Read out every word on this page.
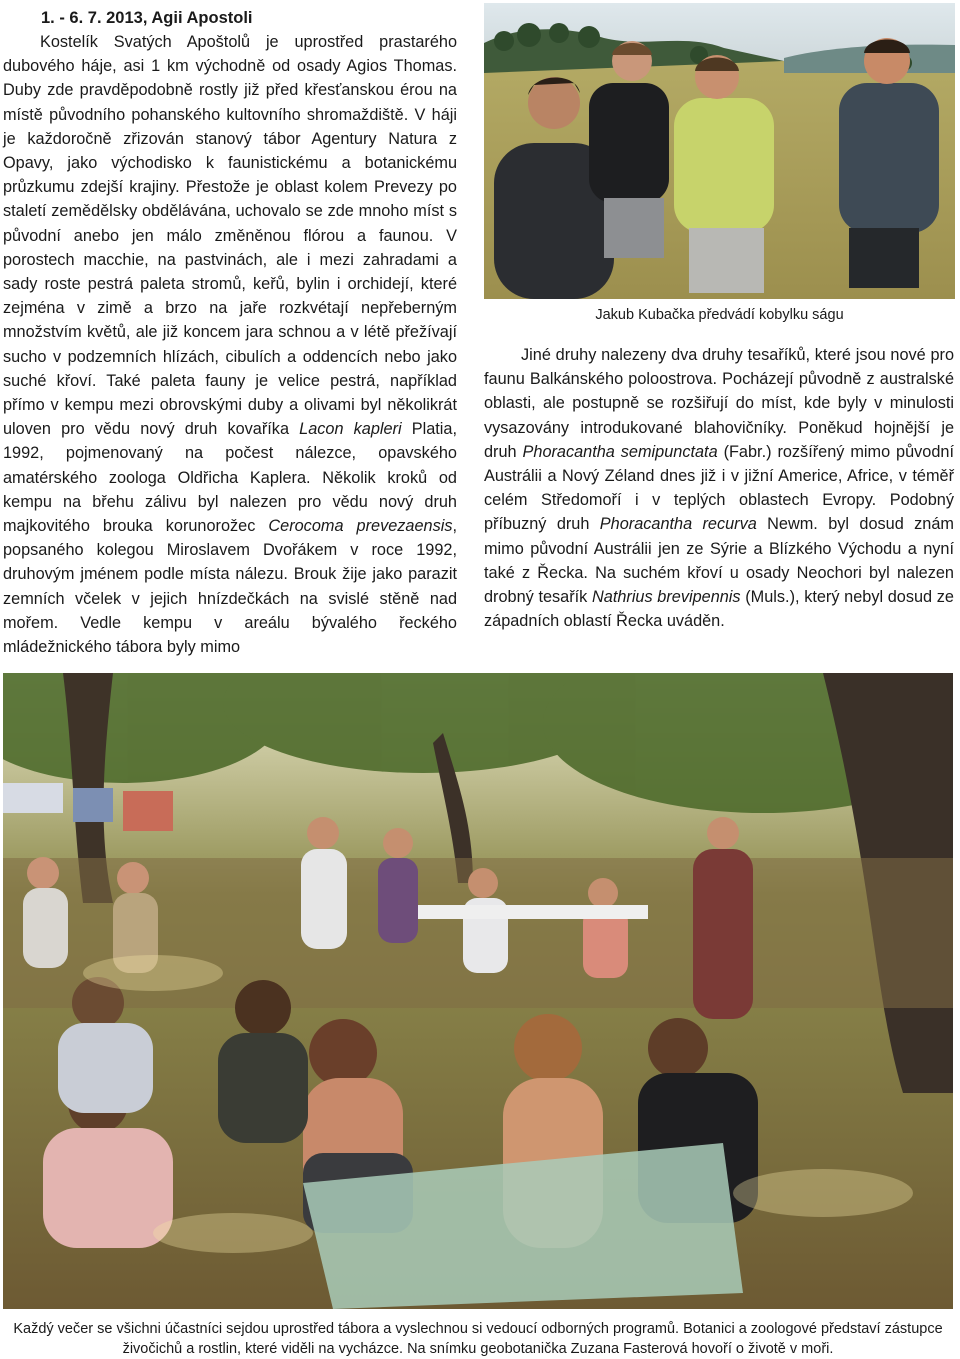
1. - 6. 7. 2013, Agii Apostoli

Kostelík Svatých Apoštolů je uprostřed prastarého dubového háje, asi 1 km východně od osady Agios Thomas. Duby zde pravděpodobně rostly již před křesťanskou érou na místě původního pohanského kultovního shromaždiště. V háji je každoročně zřizován stanový tábor Agentury Natura z Opavy, jako východisko k faunistickému a botanickému průzkumu zdejší krajiny. Přestože je oblast kolem Prevezy po staletí zemědělsky obdělávána, uchovalo se zde mnoho míst s původní anebo jen málo změněnou flórou a faunou. V porostech macchie, na pastvinách, ale i mezi zahradami a sady roste pestrá paleta stromů, keřů, bylin i orchidejí, které zejména v zimě a brzo na jaře rozkvétají nepřeberným množstvím květů, ale již koncem jara schnou a v létě přežívají sucho v podzemních hlízách, cibulích a oddencích nebo jako suché křoví. Také paleta fauny je velice pestrá, například přímo v kempu mezi obrovskými duby a olivami byl několikrát uloven pro vědu nový druh kovaříka Lacon kapleri Platia, 1992, pojmenovaný na počest nálezce, opavského amatérského zoologa Oldřicha Kaplera. Několik kroků od kempu na břehu zálivu byl nalezen pro vědu nový druh majkovitého brouka korunorožec Cerocoma prevezaensis, popsaného kolegou Miroslavem Dvořákem v roce 1992, druhovým jménem podle místa nálezu. Brouk žije jako parazit zemních včelek v jejich hnízdečkách na svislé stěně nad mořem. Vedle kempu v areálu bývalého řeckého mládežnického tábora byly mimo

Jakub Kubačka předvádí kobylku ságu

Jiné druhy nalezeny dva druhy tesaříků, které jsou nové pro faunu Balkánského poloostrova. Pocházejí původně z australské oblasti, ale postupně se rozšiřují do míst, kde byly v minulosti vysazovány introdukované blahovičníky. Poněkud hojnější je druh Phoracantha semipunctata (Fabr.) rozšířený mimo původní Austrálii a Nový Zéland dnes již i v jižní Americe, Africe, v téměř celém Středomoří i v teplých oblastech Evropy. Podobný příbuzný druh Phoracantha recurva Newm. byl dosud znám mimo původní Austrálii jen ze Sýrie a Blízkého Východu a nyní také z Řecka. Na suchém křoví u osady Neochori byl nalezen drobný tesařík Nathrius brevipennis (Muls.), který nebyl dosud ze západních oblastí Řecka uváděn.

Každý večer se všichni účastníci sejdou uprostřed tábora a vyslechnou si vedoucí odborných programů. Botanici a zoologové představí zástupce živočichů a rostlin, které viděli na vycházce. Na snímku geobotanička Zuzana Fasterová hovoří o životě v moři.
